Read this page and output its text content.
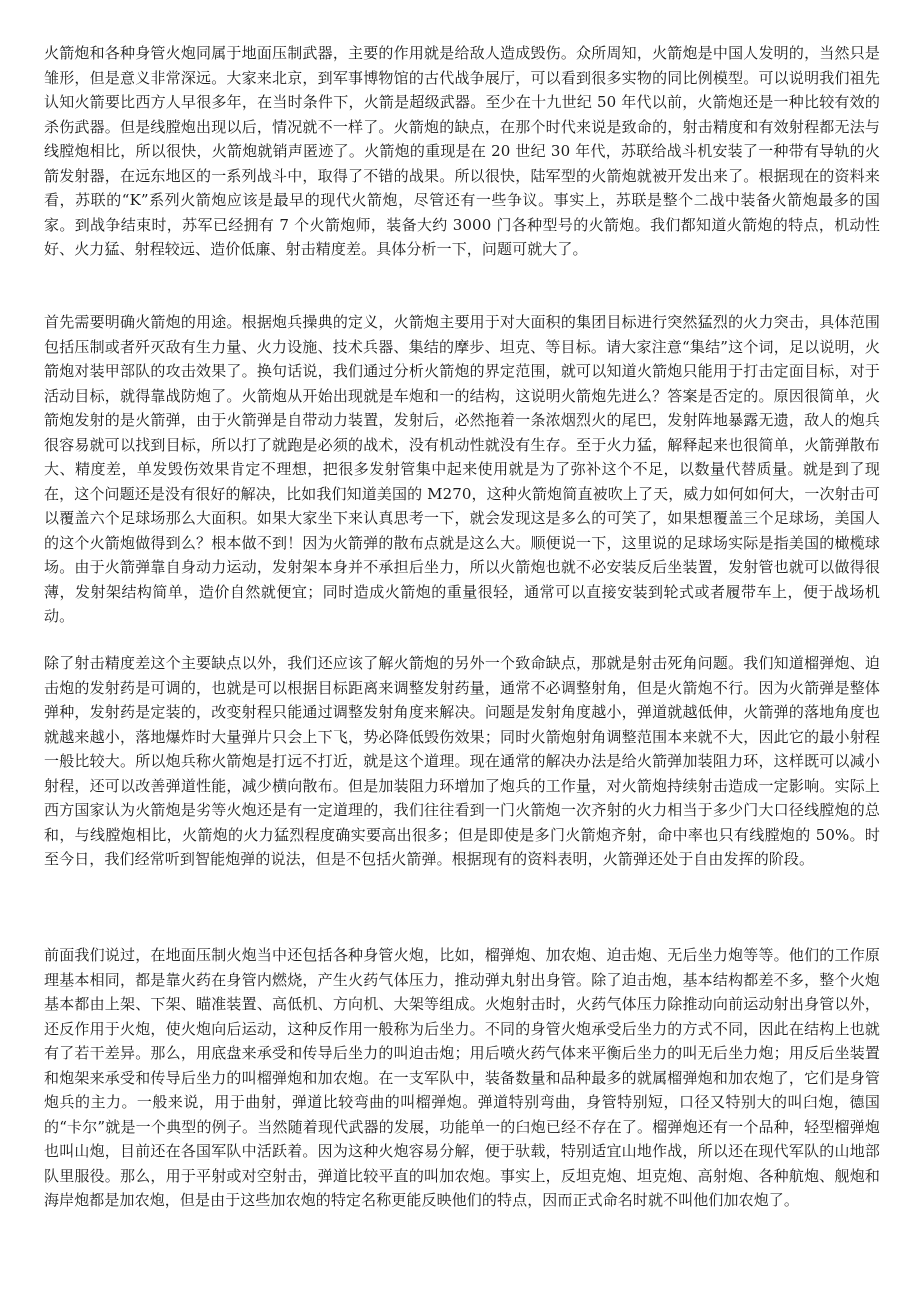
火箭炮和各种身管火炮同属于地面压制武器，主要的作用就是给敌人造成毁伤。众所周知，火箭炮是中国人发明的，当然只是雏形，但是意义非常深远。大家来北京，到军事博物馆的古代战争展厅，可以看到很多实物的同比例模型。可以说明我们祖先认知火箭要比西方人早很多年，在当时条件下，火箭是超级武器。至少在十九世纪 50 年代以前，火箭炮还是一种比较有效的杀伤武器。但是线膛炮出现以后，情况就不一样了。火箭炮的缺点，在那个时代来说是致命的，射击精度和有效射程都无法与线膛炮相比，所以很快，火箭炮就销声匿迹了。火箭炮的重现是在 20 世纪 30 年代，苏联给战斗机安装了一种带有导轨的火箭发射器，在远东地区的一系列战斗中，取得了不错的战果。所以很快，陆军型的火箭炮就被开发出来了。根据现在的资料来看，苏联的“K”系列火箭炮应该是最早的现代火箭炮，尽管还有一些争议。事实上，苏联是整个二战中装备火箭炮最多的国家。到战争结束时，苏军已经拥有 7 个火箭炮师，装备大约 3000 门各种型号的火箭炮。我们都知道火箭炮的特点，机动性好、火力猛、射程较远、造价低廉、射击精度差。具体分析一下，问题可就大了。

首先需要明确火箭炮的用途。根据炮兵操典的定义，火箭炮主要用于对大面积的集团目标进行突然猛烈的火力突击，具体范围包括压制或者歼灭敌有生力量、火力设施、技术兵器、集结的摩步、坦克、等目标。请大家注意“集结”这个词，足以说明，火箭炮对装甲部队的攻击效果了。换句话说，我们通过分析火箭炮的界定范围，就可以知道火箭炮只能用于打击定面目标，对于活动目标，就得靠战防炮了。火箭炮从开始出现就是车炮和一的结构，这说明火箭炮先进么？答案是否定的。原因很简单，火箭炮发射的是火箭弹，由于火箭弹是自带动力装置，发射后，必然拖着一条浓烟烈火的尾巴，发射阵地暴露无遗，敌人的炮兵很容易就可以找到目标，所以打了就跑是必须的战术，没有机动性就没有生存。至于火力猛，解释起来也很简单，火箭弹散布大、精度差，单发毁伤效果肯定不理想，把很多发射管集中起来使用就是为了弥补这个不足，以数量代替质量。就是到了现在，这个问题还是没有很好的解决，比如我们知道美国的 M270，这种火箭炮简直被吹上了天，威力如何如何大，一次射击可以覆盖六个足球场那么大面积。如果大家坐下来认真思考一下，就会发现这是多么的可笑了，如果想覆盖三个足球场，美国人的这个火箭炮做得到么？根本做不到！因为火箭弹的散布点就是这么大。顺便说一下，这里说的足球场实际是指美国的橄榄球场。由于火箭弹靠自身动力运动，发射架本身并不承担后坐力，所以火箭炮也就不必安装反后坐装置，发射管也就可以做得很薄，发射架结构简单，造价自然就便宜；同时造成火箭炮的重量很轻，通常可以直接安装到轮式或者履带车上，便于战场机动。

除了射击精度差这个主要缺点以外，我们还应该了解火箭炮的另外一个致命缺点，那就是射击死角问题。我们知道榴弹炮、迫击炮的发射药是可调的，也就是可以根据目标距离来调整发射药量，通常不必调整射角，但是火箭炮不行。因为火箭弹是整体弹种，发射药是定装的，改变射程只能通过调整发射角度来解决。问题是发射角度越小，弹道就越低伸，火箭弹的落地角度也就越来越小，落地爆炸时大量弹片只会上下飞，势必降低毁伤效果；同时火箭炮射角调整范围本来就不大，因此它的最小射程一般比较大。所以炮兵称火箭炮是打远不打近，就是这个道理。现在通常的解决办法是给火箭弹加装阻力环，这样既可以减小射程，还可以改善弹道性能，减少横向散布。但是加装阻力环增加了炮兵的工作量，对火箭炮持续射击造成一定影响。实际上西方国家认为火箭炮是劣等火炮还是有一定道理的，我们往往看到一门火箭炮一次齐射的火力相当于多少门大口径线膛炮的总和，与线膛炮相比，火箭炮的火力猛烈程度确实要高出很多；但是即使是多门火箭炮齐射，命中率也只有线膛炮的 50%。时至今日，我们经常听到智能炮弹的说法，但是不包括火箭弹。根据现有的资料表明，火箭弹还处于自由发挥的阶段。

前面我们说过，在地面压制火炮当中还包括各种身管火炮，比如，榴弹炮、加农炮、迫击炮、无后坐力炮等等。他们的工作原理基本相同，都是靠火药在身管内燃烧，产生火药气体压力，推动弹丸射出身管。除了迫击炮，基本结构都差不多，整个火炮基本都由上架、下架、瞄准装置、高低机、方向机、大架等组成。火炮射击时，火药气体压力除推动向前运动射出身管以外，还反作用于火炮，使火炮向后运动，这种反作用一般称为后坐力。不同的身管火炮承受后坐力的方式不同，因此在结构上也就有了若干差异。那么，用底盘来承受和传导后坐力的叫迫击炮；用后喷火药气体来平衡后坐力的叫无后坐力炮；用反后坐装置和炮架来承受和传导后坐力的叫榴弹炮和加农炮。在一支军队中，装备数量和品种最多的就属榴弹炮和加农炮了，它们是身管炮兵的主力。一般来说，用于曲射，弹道比较弯曲的叫榴弹炮。弹道特别弯曲，身管特别短，口径又特别大的叫臼炮，德国的“卡尔”就是一个典型的例子。当然随着现代武器的发展，功能单一的臼炮已经不存在了。榴弹炮还有一个品种，轻型榴弹炮也叫山炮，目前还在各国军队中活跃着。因为这种火炮容易分解，便于驮载，特别适宜山地作战，所以还在现代军队的山地部队里服役。那么，用于平射或对空射击，弹道比较平直的叫加农炮。事实上，反坦克炮、坦克炮、高射炮、各种航炮、舰炮和海岸炮都是加农炮，但是由于这些加农炮的特定名称更能反映他们的特点，因而正式命名时就不叫他们加农炮了。
